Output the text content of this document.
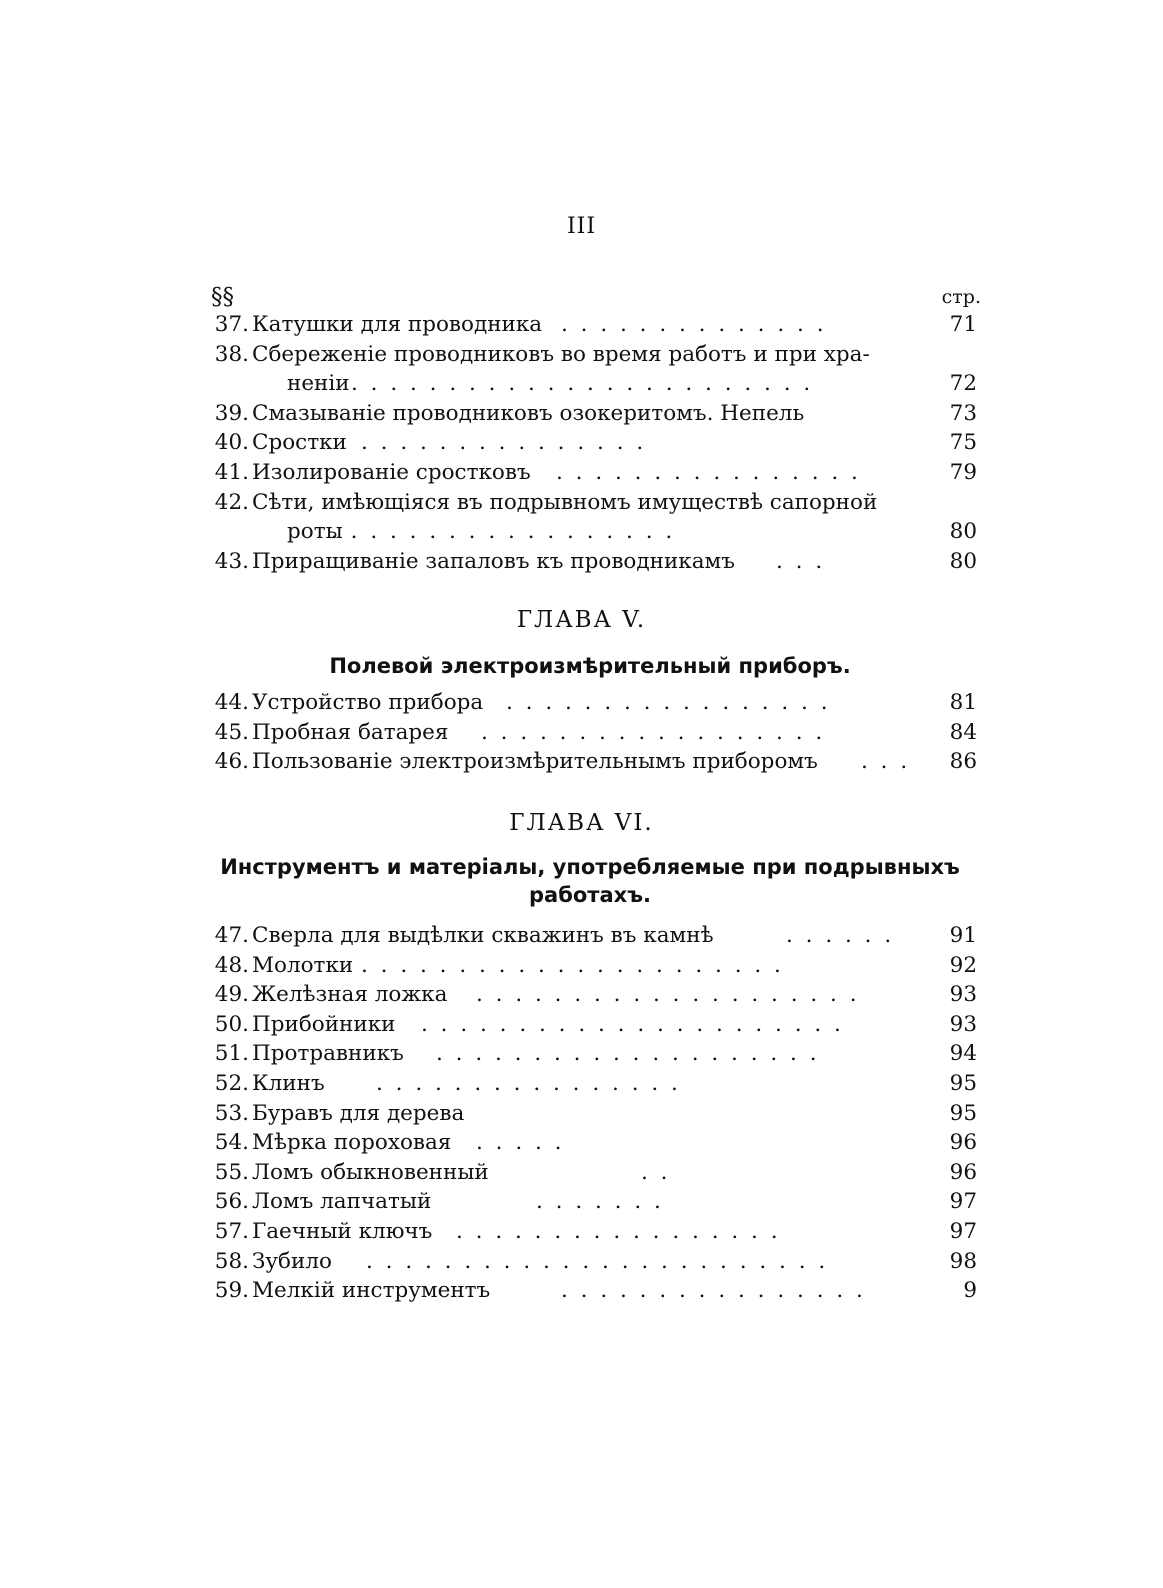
III
§§	стр.
37. Катушки для проводника . . . . . . . . . . . . . .	71
38. Сбереженіе проводниковъ во время работъ и при хра-
неніи . . . . . . . . . . . . . . . . . . . . . . . .	72
39. Смазываніе проводниковъ озокеритомъ. Непель	73
40. Сростки . . . . . . . . . . . . . . .	75
41. Изолированіе сростковъ . . . . . . . . . . . . . . . .	79
42. Сѣти, имѣющіяся въ подрывномъ имуществѣ сапорной
роты
. . . . . . . . . . . . . . . . . .	80
43. Приращиваніе запаловъ къ проводникамъ . . .	80
ГЛАВА V.
Полевой электроизмѣрительный приборъ.
44. Устройство прибора . . . . . . . . . . . . . . . . .	81
45. Пробная батарея . . . . . . . . . . . . . . . . . .	84
46. Пользованіе электроизмѣрительнымъ приборомъ . . . 86
ГЛАВА VI.
Инструментъ и матеріалы, употребляемые при подрывныхъ работахъ.
47. Сверла для выдѣлки скважинъ въ камнѣ	. . . . . .	91
48. Молотки . . . . . . . . . . . . . . . . . . . . . .	92
49. Желѣзная ложка . . . . . . . . . . . . . . . . . . . .	93
50. Прибойники . . . . . . . . . . . . . . . . . . . . . .	93
51. Протравникъ . . . . . . . . . . . . . . . . . . . .	94
52. Клинъ . . . . . . . . . . . . . . . .	95
53. Буравъ для дерева	95
54. Мѣрка пороховая . . . . .	96
55. Ломъ обыкновенный	. .	96
56. Ломъ лапчатый	. . . . . . .	97
57. Гаечный ключъ . . . . . . . . . . . . . . . . .	97
58. Зубило . . . . . . . . . . . . . . . . . . . . . . . .	98
59. Мелкій инструментъ	. . . . . . . . . . . . . . . .	9
